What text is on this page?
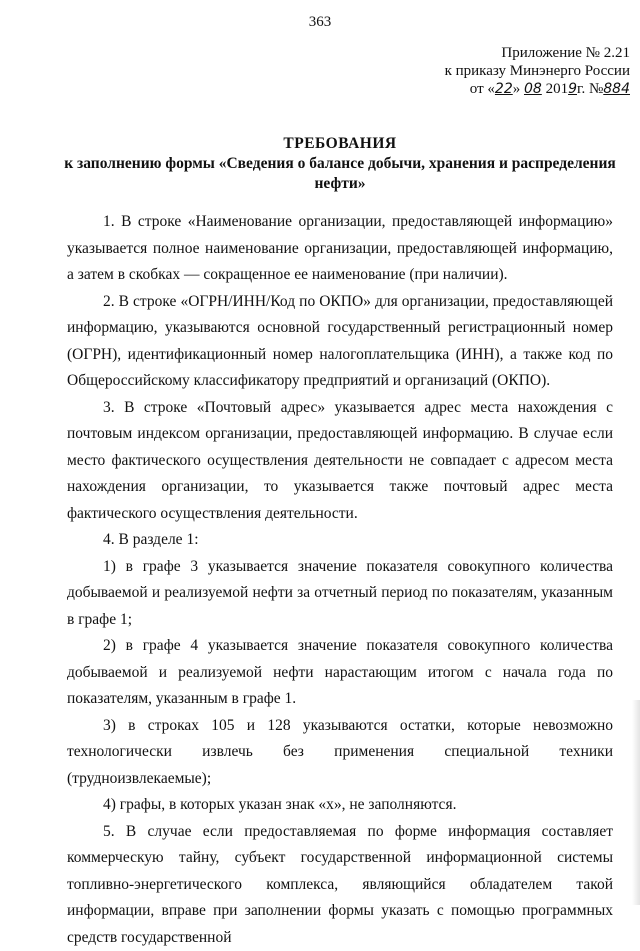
363
Приложение № 2.21
к приказу Минэнерго России
от «22» 08 2019г. №884
ТРЕБОВАНИЯ
к заполнению формы «Сведения о балансе добычи, хранения и распределения нефти»

1. В строке «Наименование организации, предоставляющей информацию» указывается полное наименование организации, предоставляющей информацию, а затем в скобках — сокращенное ее наименование (при наличии).

2. В строке «ОГРН/ИНН/Код по ОКПО» для организации, предоставляющей информацию, указываются основной государственный регистрационный номер (ОГРН), идентификационный номер налогоплательщика (ИНН), а также код по Общероссийскому классификатору предприятий и организаций (ОКПО).

3. В строке «Почтовый адрес» указывается адрес места нахождения с почтовым индексом организации, предоставляющей информацию. В случае если место фактического осуществления деятельности не совпадает с адресом места нахождения организации, то указывается также почтовый адрес места фактического осуществления деятельности.

4. В разделе 1:

1) в графе 3 указывается значение показателя совокупного количества добываемой и реализуемой нефти за отчетный период по показателям, указанным в графе 1;

2) в графе 4 указывается значение показателя совокупного количества добываемой и реализуемой нефти нарастающим итогом с начала года по показателям, указанным в графе 1.

3) в строках 105 и 128 указываются остатки, которые невозможно технологически извлечь без применения специальной техники (трудноизвлекаемые);

4) графы, в которых указан знак «х», не заполняются.

5. В случае если предоставляемая по форме информация составляет коммерческую тайну, субъект государственной информационной системы топливно-энергетического комплекса, являющийся обладателем такой информации, вправе при заполнении формы указать с помощью программных средств государственной
